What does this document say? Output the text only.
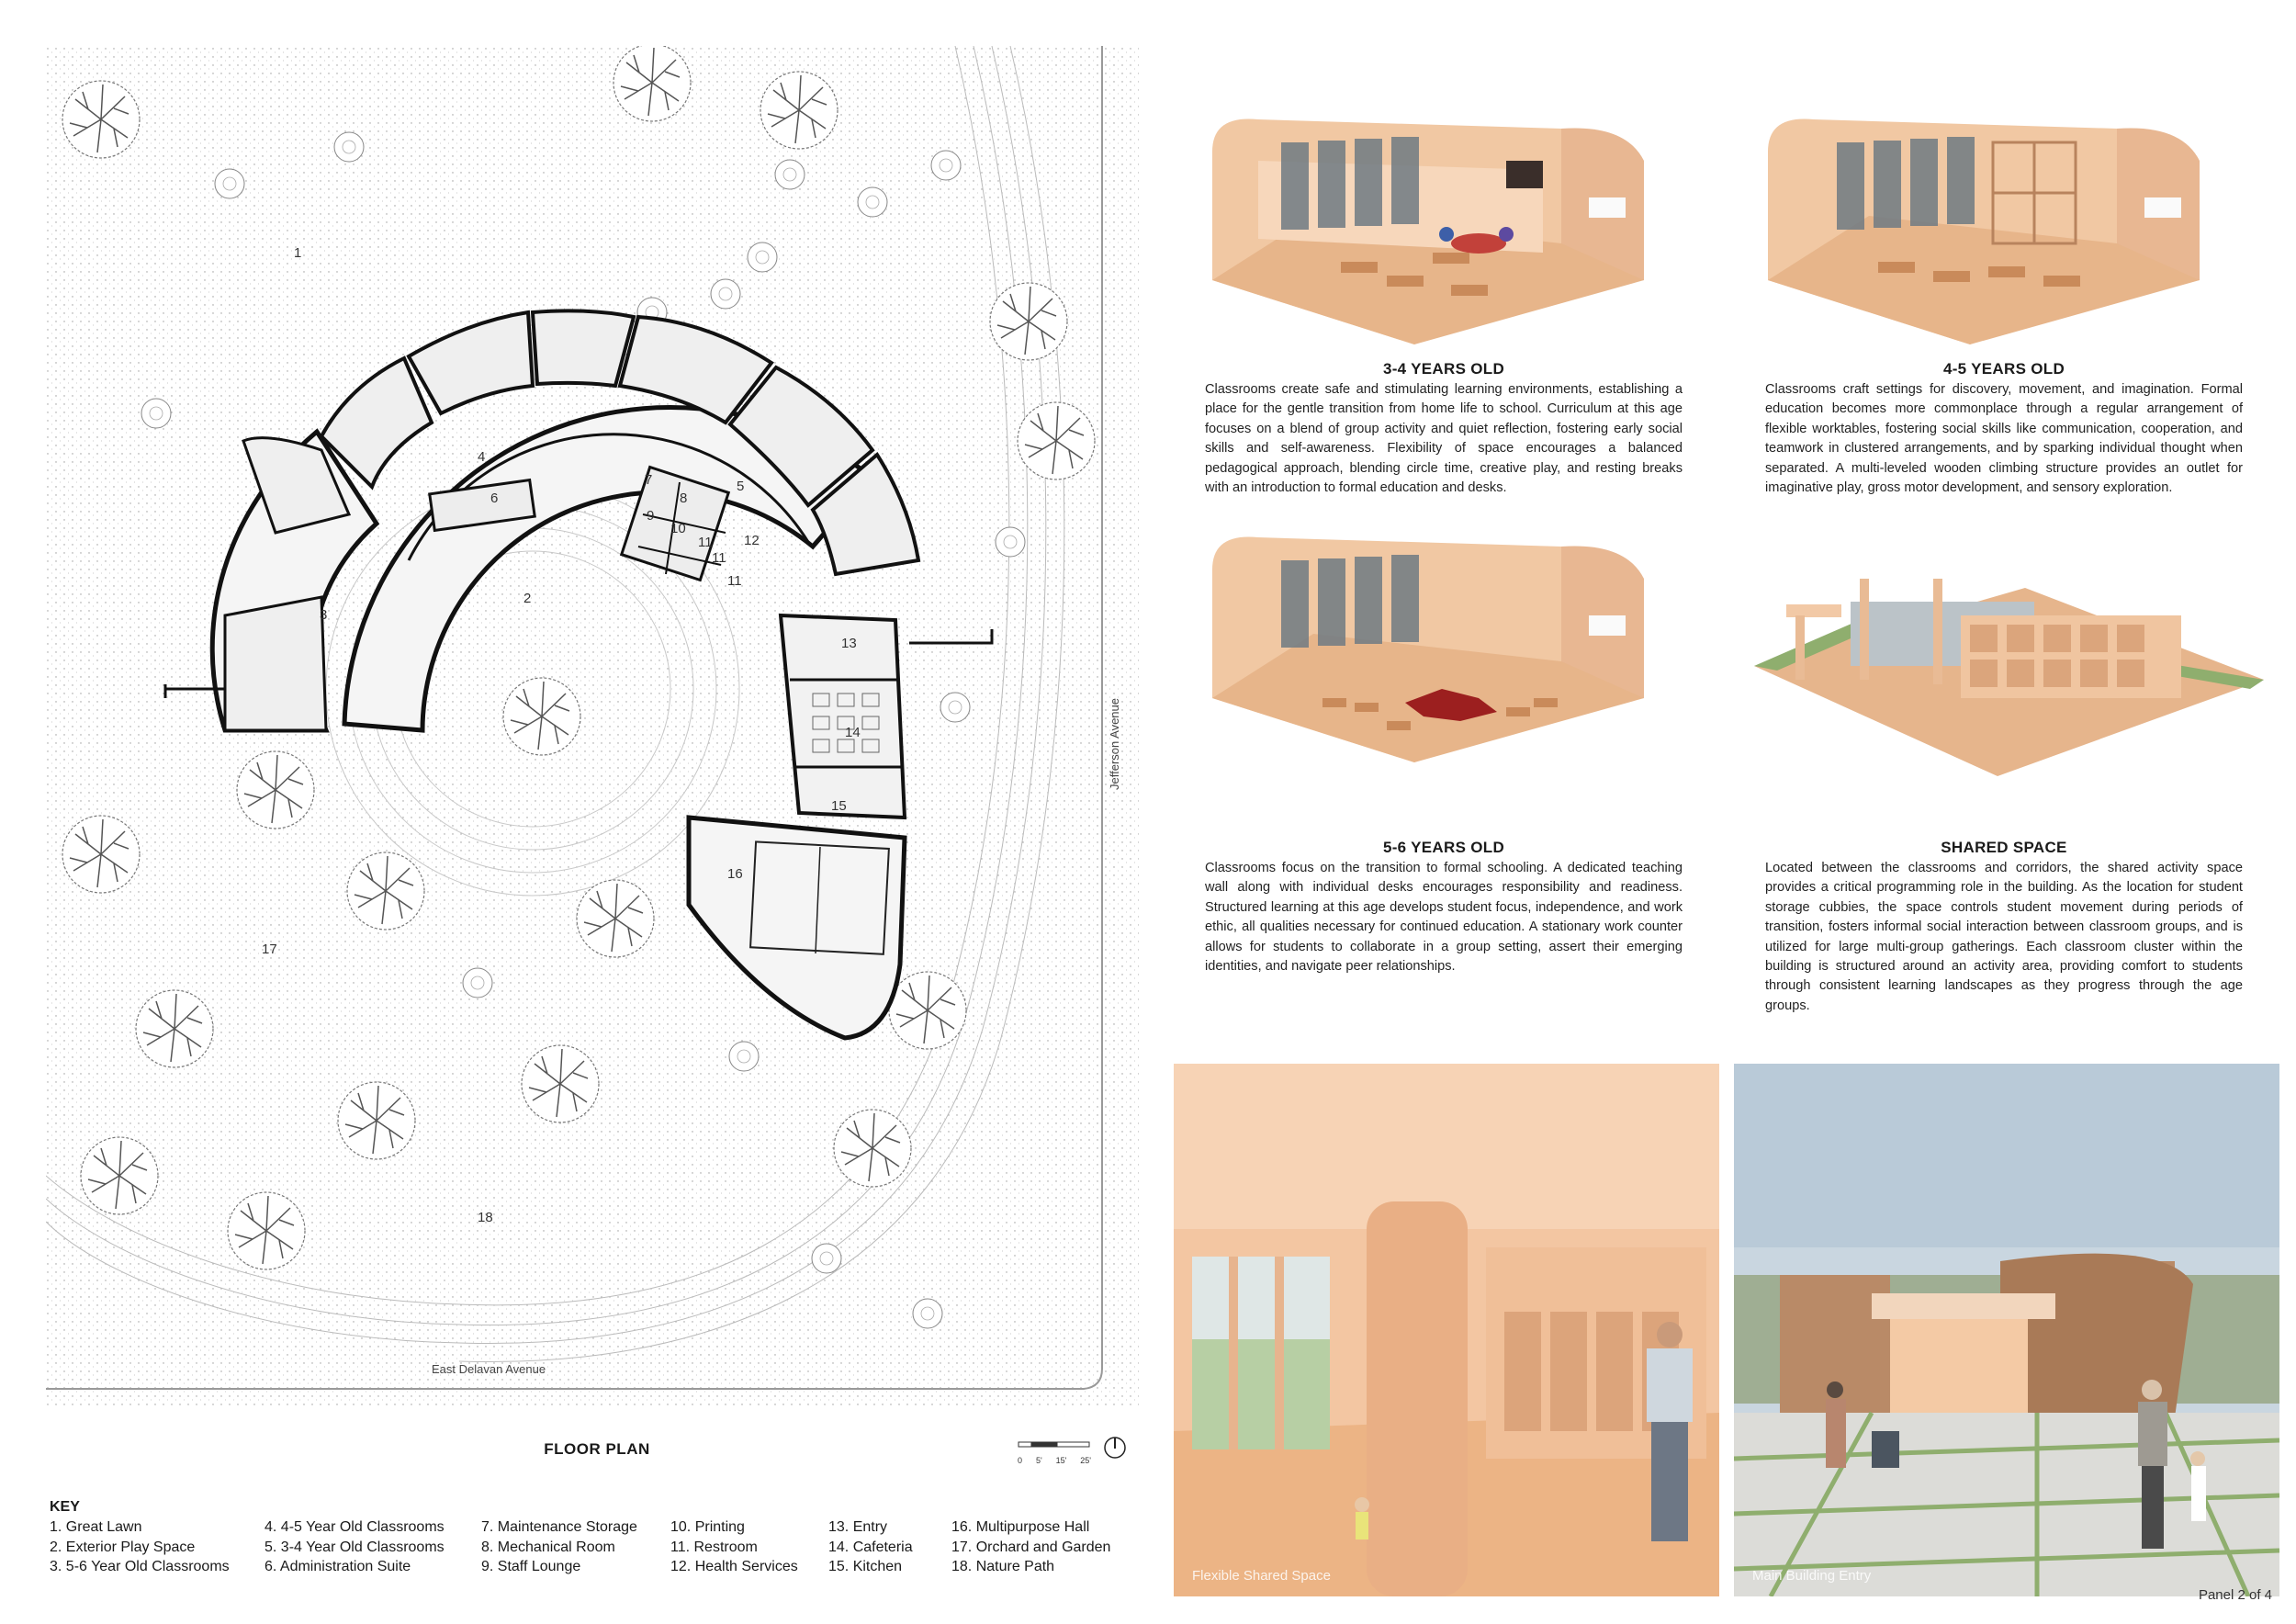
1
2
3
4
5
6
7
8
9
10
11
11
12
11
13
14
15
16
17
18
East Delavan Avenue
Jefferson Avenue
FLOOR PLAN
0 5' 15' 25'
KEY
1. Great Lawn
2. Exterior Play Space
3. 5-6 Year Old Classrooms
4. 4-5 Year Old Classrooms
5. 3-4 Year Old Classrooms
6. Administration Suite
7. Maintenance Storage
8. Mechanical Room
9. Staff Lounge
10. Printing
11. Restroom
12. Health Services
13. Entry
14. Cafeteria
15. Kitchen
16. Multipurpose Hall
17. Orchard and Garden
18. Nature Path
3-4 YEARS OLD
Classrooms create safe and stimulating learning environments, establishing a place for the gentle transition from home life to school. Curriculum at this age focuses on a blend of group activity and quiet reflection, fostering early social skills and self-awareness. Flexibility of space encourages a balanced pedagogical approach, blending circle time, creative play, and resting breaks with an introduction to formal education and desks.
4-5 YEARS OLD
Classrooms craft settings for discovery, movement, and imagination. Formal education becomes more commonplace through a regular arrangement of flexible worktables, fostering social skills like communication, cooperation, and teamwork in clustered arrangements, and by sparking individual thought when separated. A multi-leveled wooden climbing structure provides an outlet for imaginative play, gross motor development, and sensory exploration.
5-6 YEARS OLD
Classrooms focus on the transition to formal schooling. A dedicated teaching wall along with individual desks encourages responsibility and readiness. Structured learning at this age develops student focus, independence, and work ethic, all qualities necessary for continued education. A stationary work counter allows for students to collaborate in a group setting, assert their emerging identities, and navigate peer relationships.
SHARED SPACE
Located between the classrooms and corridors, the shared activity space provides a critical programming role in the building. As the location for student storage cubbies, the space controls student movement during periods of transition, fosters informal social interaction between classroom groups, and is utilized for large multi-group gatherings. Each classroom cluster within the building is structured around an activity area, providing comfort to students through consistent learning landscapes as they progress through the age groups.
Flexible Shared Space	Main Building Entry
Panel 2 of 4
